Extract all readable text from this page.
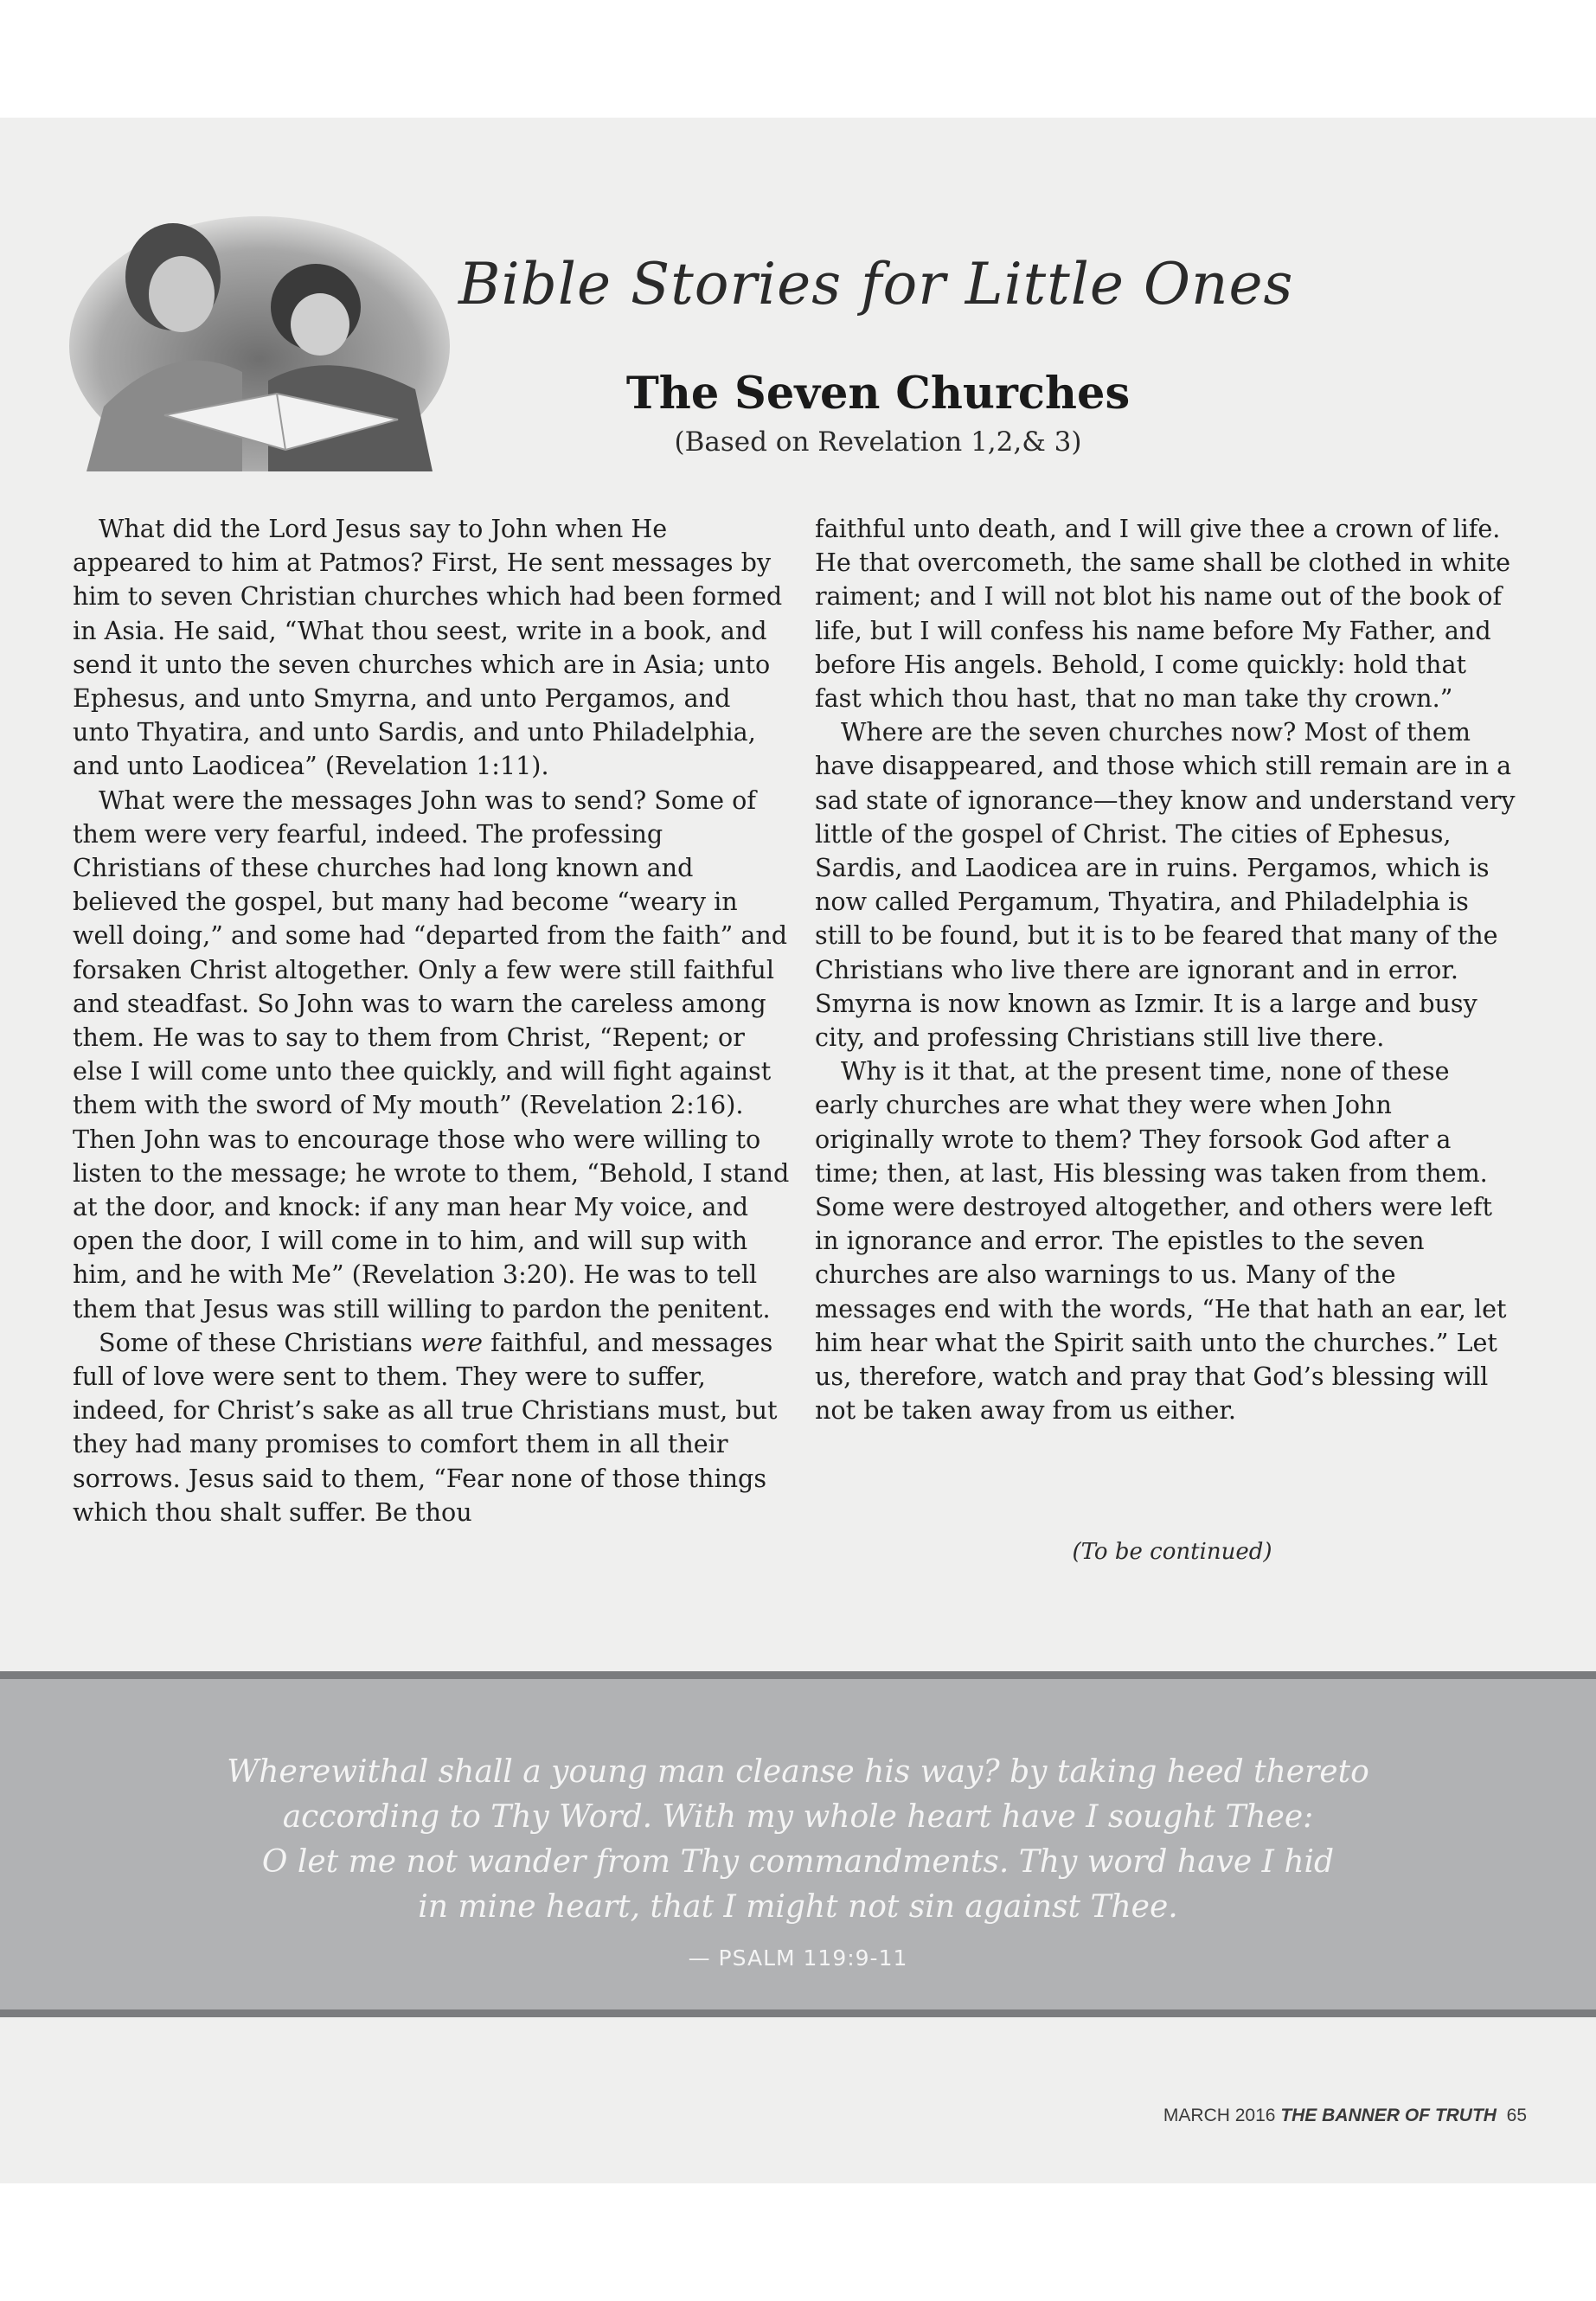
Bible Stories for Little Ones
The Seven Churches
(Based on Revelation 1,2,& 3)

What did the Lord Jesus say to John when He appeared to him at Patmos? First, He sent messages by him to seven Christian churches which had been formed in Asia. He said, “What thou seest, write in a book, and send it unto the seven churches which are in Asia; unto Ephesus, and unto Smyrna, and unto Pergamos, and unto Thyatira, and unto Sardis, and unto Philadelphia, and unto Laodicea” (Revelation 1:11).

What were the messages John was to send? Some of them were very fearful, indeed. The professing Christians of these churches had long known and believed the gospel, but many had become “weary in well doing,” and some had “departed from the faith” and forsaken Christ altogether. Only a few were still faithful and steadfast. So John was to warn the careless among them. He was to say to them from Christ, “Repent; or else I will come unto thee quickly, and will fight against them with the sword of My mouth” (Revelation 2:16). Then John was to encourage those who were willing to listen to the message; he wrote to them, “Behold, I stand at the door, and knock: if any man hear My voice, and open the door, I will come in to him, and will sup with him, and he with Me” (Revelation 3:20). He was to tell them that Jesus was still willing to pardon the penitent.

Some of these Christians were faithful, and messages full of love were sent to them. They were to suffer, indeed, for Christ’s sake as all true Christians must, but they had many promises to comfort them in all their sorrows. Jesus said to them, “Fear none of those things which thou shalt suffer. Be thou

faithful unto death, and I will give thee a crown of life. He that overcometh, the same shall be clothed in white raiment; and I will not blot his name out of the book of life, but I will confess his name before My Father, and before His angels. Behold, I come quickly: hold that fast which thou hast, that no man take thy crown.”

Where are the seven churches now? Most of them have disappeared, and those which still remain are in a sad state of ignorance—they know and understand very little of the gospel of Christ. The cities of Ephesus, Sardis, and Laodicea are in ruins. Pergamos, which is now called Pergamum, Thyatira, and Philadelphia is still to be found, but it is to be feared that many of the Christians who live there are ignorant and in error. Smyrna is now known as Izmir. It is a large and busy city, and professing Christians still live there.

Why is it that, at the present time, none of these early churches are what they were when John originally wrote to them? They forsook God after a time; then, at last, His blessing was taken from them. Some were destroyed altogether, and others were left in ignorance and error. The epistles to the seven churches are also warnings to us. Many of the messages end with the words, “He that hath an ear, let him hear what the Spirit saith unto the churches.” Let us, therefore, watch and pray that God’s blessing will not be taken away from us either.

(To be continued)
Wherewithal shall a young man cleanse his way? by taking heed thereto
according to Thy Word. With my whole heart have I sought Thee:
O let me not wander from Thy commandments. Thy word have I hid
in mine heart, that I might not sin against Thee.
— PSALM 119:9-11
MARCH 2016 THE BANNER OF TRUTH 65
